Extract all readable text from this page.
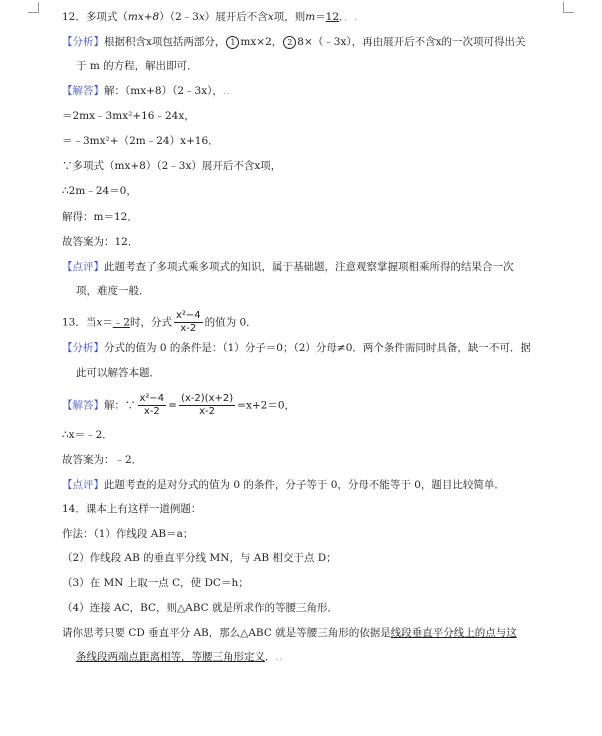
12．多项式（mx+8）（2﹣3x）展开后不含x项，则m＝12．．.
【分析】根据积含x项包括两部分， 1 mx×2， 2 8×（﹣3x），再由展开后不含x的一次项可得出关
于 m 的方程，解出即可．
【解答】解：（mx+8）（2﹣3x），..
＝2mx﹣3mx²+16﹣24x，
＝﹣3mx²+（2m﹣24）x+16．
∵多项式（mx+8）（2﹣3x）展开后不含x项，
∴2m﹣24＝0，
解得：m＝12．
故答案为：12．
【点评】此题考查了多项式乘多项式的知识，属于基础题，注意观察掌握项相乘所得的结果合一次
项，难度一般．
13．当x＝﹣2时，分式 $\frac{\text{x²−4}}{x-2}$ 的值为 0．
【分析】分式的值为 0 的条件是：（1）分子＝0；（2）分母≠0．两个条件需同时具备，缺一不可．据
此可以解答本题．
【解答】解：∵ $\frac{\text{x²−4}}{x-2} = \frac{(x-2)(x+2)}{x-2} =x+2=0$，
∴x＝﹣2．
故答案为：﹣2．
【点评】此题考查的是对分式的值为 0 的条件，分子等于 0，分母不能等于 0，题目比较简单．
14．课本上有这样一道例题：
作法：（1）作线段 AB＝a；
（2）作线段 AB 的垂直平分线 MN，与 AB 相交于点 D；
（3）在 MN 上取一点 C，使 DC＝h；
（4）连接 AC，BC，则△ABC 就是所求作的等腰三角形．
请你思考只要 CD 垂直平分 AB，那么△ABC 就是等腰三角形的依据是线段垂直平分线上的点与这
条线段两端点距离相等，等腰三角形定义．..
